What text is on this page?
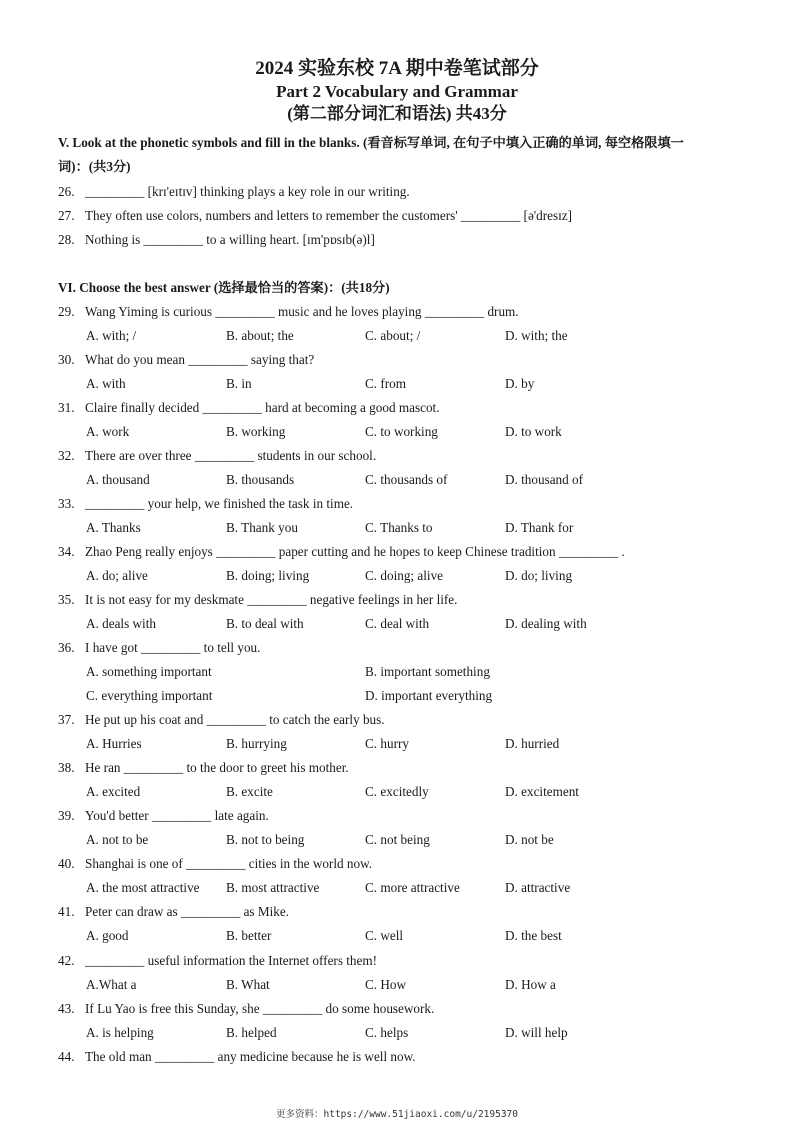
2024 实验东校 7A 期中卷笔试部分
Part 2 Vocabulary and Grammar
(第二部分词汇和语法) 共43分
V. Look at the phonetic symbols and fill in the blanks. (看音标写单词, 在句子中填入正确的单词, 每空格限填一
词)：(共3分)
26. _________ [krɪ'eɪtɪv] thinking plays a key role in our writing.
27. They often use colors, numbers and letters to remember the customers' _________ [ə'dresɪz]
28. Nothing is _________ to a willing heart. [ɪm'pɒsɪb(ə)l]
VI. Choose the best answer (选择最恰当的答案)：(共18分)
29. Wang Yiming is curious _________ music and he loves playing _________ drum.
A. with; /	B. about; the	C. about; /	D. with; the
30. What do you mean _________ saying that?
A. with	B. in	C. from	D. by
31. Claire finally decided _________ hard at becoming a good mascot.
A. work	B. working	C. to working	D. to work
32. There are over three _________ students in our school.
A. thousand	B. thousands	C. thousands of	D. thousand of
33. _________ your help, we finished the task in time.
A. Thanks	B. Thank you	C. Thanks to	D. Thank for
34. Zhao Peng really enjoys _________ paper cutting and he hopes to keep Chinese tradition _________ .
A. do; alive	B. doing; living	C. doing; alive	D. do; living
35. It is not easy for my deskmate _________ negative feelings in her life.
A. deals with	B. to deal with	C. deal with	D. dealing with
36. I have got _________ to tell you.
A. something important	B. important something
C. everything important	D. important everything
37. He put up his coat and _________ to catch the early bus.
A. Hurries	B. hurrying	C. hurry	D. hurried
38. He ran _________ to the door to greet his mother.
A. excited	B. excite	C. excitedly	D. excitement
39. You'd better _________ late again.
A. not to be	B. not to being	C. not being	D. not be
40. Shanghai is one of _________ cities in the world now.
A. the most attractive B. most attractive	C. more attractive	D. attractive
41. Peter can draw as _________ as Mike.
A. good	B. better	C. well	D. the best
42. _________ useful information the Internet offers them!
A.What a	B. What	C. How	D. How a
43. If Lu Yao is free this Sunday, she _________ do some housework.
A. is helping	B. helped	C. helps	D. will help
44. The old man _________ any medicine because he is well now.
更多资料：https://www.51jiaoxi.com/u/2195370
